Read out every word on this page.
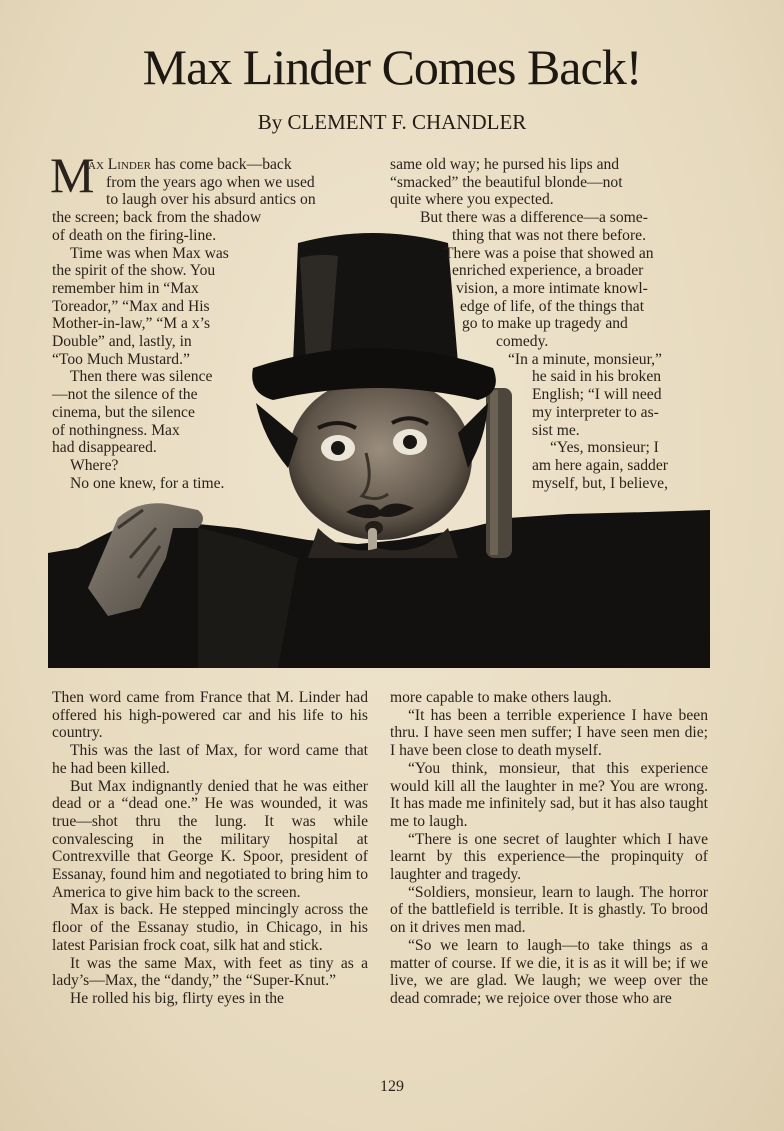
Max Linder Comes Back!
By CLEMENT F. CHANDLER
M
ax Linder has come back—back
from the years ago when we used
to laugh over his absurd antics on
the screen; back from the shadow
of death on the firing-line.
Time was when Max was
the spirit of the show. You
remember him in “Max
Toreador,” “Max and His
Mother-in-law,” “M a x’s
Double” and, lastly, in
“Too Much Mustard.”
Then there was silence
—not the silence of the
cinema, but the silence
of nothingness. Max
had disappeared.
Where?
No one knew, for a time.
same old way; he pursed his lips and
“smacked” the beautiful blonde—not
quite where you expected.
But there was a difference—a some-
thing that was not there before.
There was a poise that showed an
enriched experience, a broader
vision, a more intimate knowl-
edge of life, of the things that
go to make up tragedy and
comedy.
“In a minute, monsieur,”
he said in his broken
English; “I will need
my interpreter to as-
sist me.
“Yes, monsieur; I
am here again, sadder
myself, but, I believe,

Then word came from France that M. Linder had offered his high-powered car and his life to his country.

This was the last of Max, for word came that he had been killed.

But Max indignantly denied that he was either dead or a “dead one.” He was wounded, it was true—shot thru the lung. It was while convalescing in the military hospital at Contrexville that George K. Spoor, president of Essanay, found him and negotiated to bring him to America to give him back to the screen.

Max is back. He stepped mincingly across the floor of the Essanay studio, in Chicago, in his latest Parisian frock coat, silk hat and stick.

It was the same Max, with feet as tiny as a lady’s—Max, the “dandy,” the “Super-Knut.”

He rolled his big, flirty eyes in the

more capable to make others laugh.

“It has been a terrible experience I have been thru. I have seen men suffer; I have seen men die; I have been close to death myself.

“You think, monsieur, that this experience would kill all the laughter in me? You are wrong. It has made me infinitely sad, but it has also taught me to laugh.

“There is one secret of laughter which I have learnt by this experience—the propinquity of laughter and tragedy.

“Soldiers, monsieur, learn to laugh. The horror of the battlefield is terrible. It is ghastly. To brood on it drives men mad.

“So we learn to laugh—to take things as a matter of course. If we die, it is as it will be; if we live, we are glad. We laugh; we weep over the dead comrade; we rejoice over those who are

129
